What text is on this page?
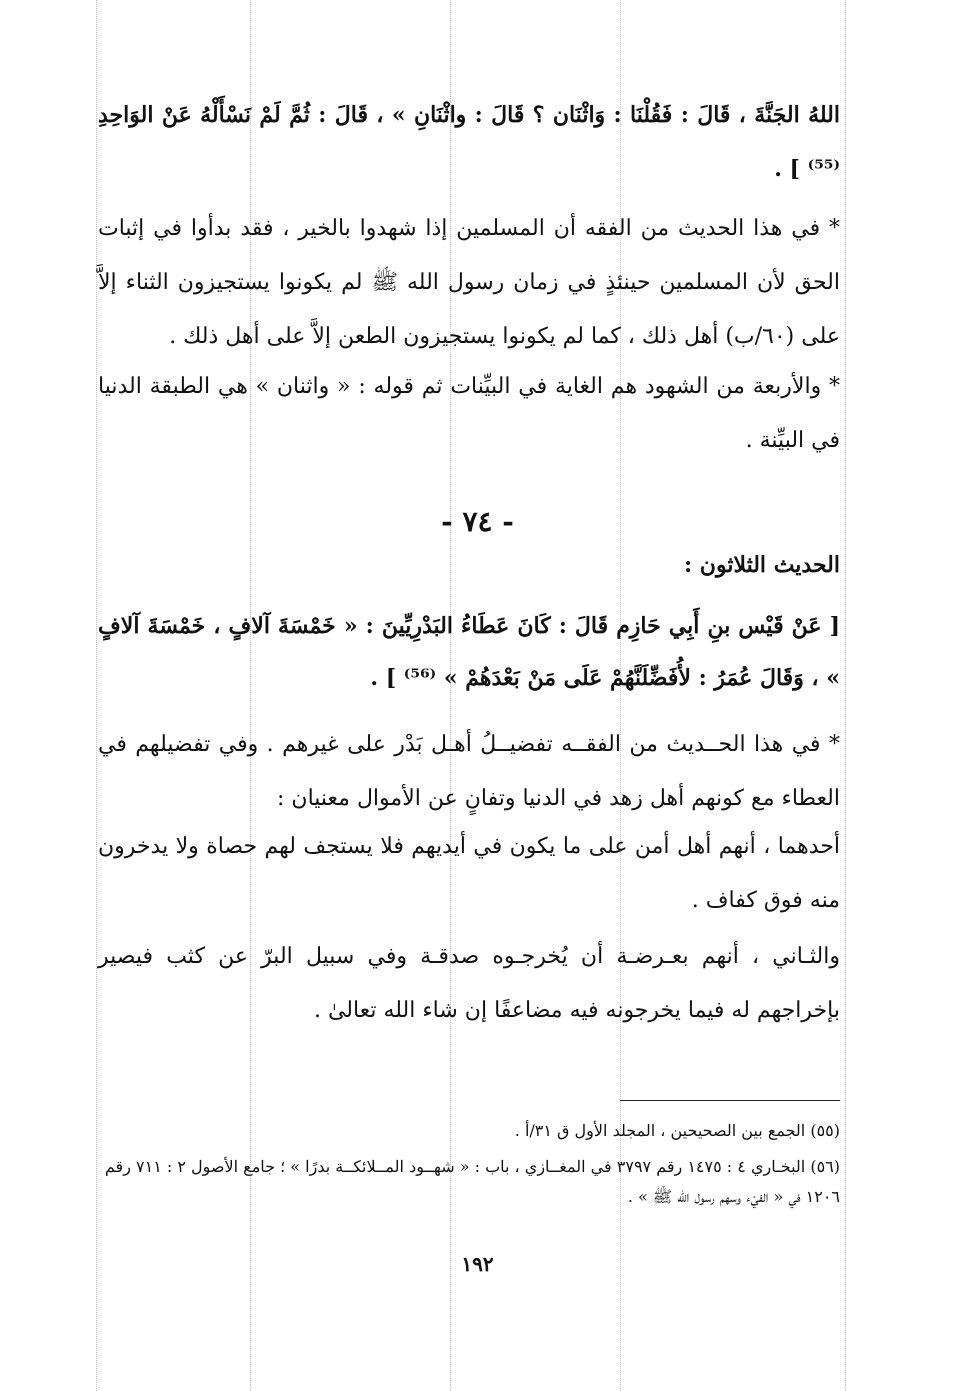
اللهُ الجَنَّةَ ، قَالَ : فَقُلْنَا : وَاثْنَان ؟ قَالَ : واثْنَانِ » ، قَالَ : ثُمَّ لَمْ نَسْأَلْهُ عَنْ الوَاحِدِ ⁽⁵⁵⁾ ] .

* في هذا الحديث من الفقه أن المسلمين إذا شهدوا بالخير ، فقد بدأوا في إثبات الحق لأن المسلمين حينئذٍ في زمان رسول الله ﷺ لم يكونوا يستجيزون الثناء إلاَّ على (٦٠/ب) أهل ذلك ، كما لم يكونوا يستجيزون الطعن إلاَّ على أهل ذلك .

* والأربعة من الشهود هم الغاية في البيِّنات ثم قوله : « واثنان » هي الطبقة الدنيا في البيِّنة .

- ٧٤ -

الحديث الثلاثون :

[ عَنْ قَيْس بنِ أَبِي حَازِم قَالَ : كَانَ عَطَاءُ البَدْرِيِّينَ : « خَمْسَةَ آلافٍ ، خَمْسَةَ آلافٍ » ، وَقَالَ عُمَرُ : لأُفَضِّلَنَّهُمْ عَلَى مَنْ بَعْدَهُمْ » ⁽⁵⁶⁾ ] .

* في هذا الحــديث من الفقــه تفضيــلُ أهـل بَدْر على غيرهم . وفي تفضيلهم في العطاء مع كونهم أهل زهد في الدنيا وتفانٍ عن الأموال معنيان :

أحدهما ، أنهم أهل أمن على ما يكون في أيديهم فلا يستجف لهم حصاة ولا يدخرون منه فوق كفاف .

والثـاني ، أنهم بعـرضـة أن يُخرجـوه صدقـة وفي سبيل البرّ عن كثب فيصير بإخراجهم له فيما يخرجونه فيه مضاعفًا إن شاء الله تعالىٰ .

(٥٥) الجمع بين الصحيحين ، المجلد الأول ق ٣١/أ .

(٥٦) البخـاري ٤ : ١٤٧٥ رقم ٣٧٩٧ في المغــازي ، باب : « شهــود المــلائكــة بدرًا » ؛ جامع الأصول ٢ : ٧١١ رقم ١٢٠٦ في « الفيْء وسهم رسول الله ﷺ » .

١٩٢
